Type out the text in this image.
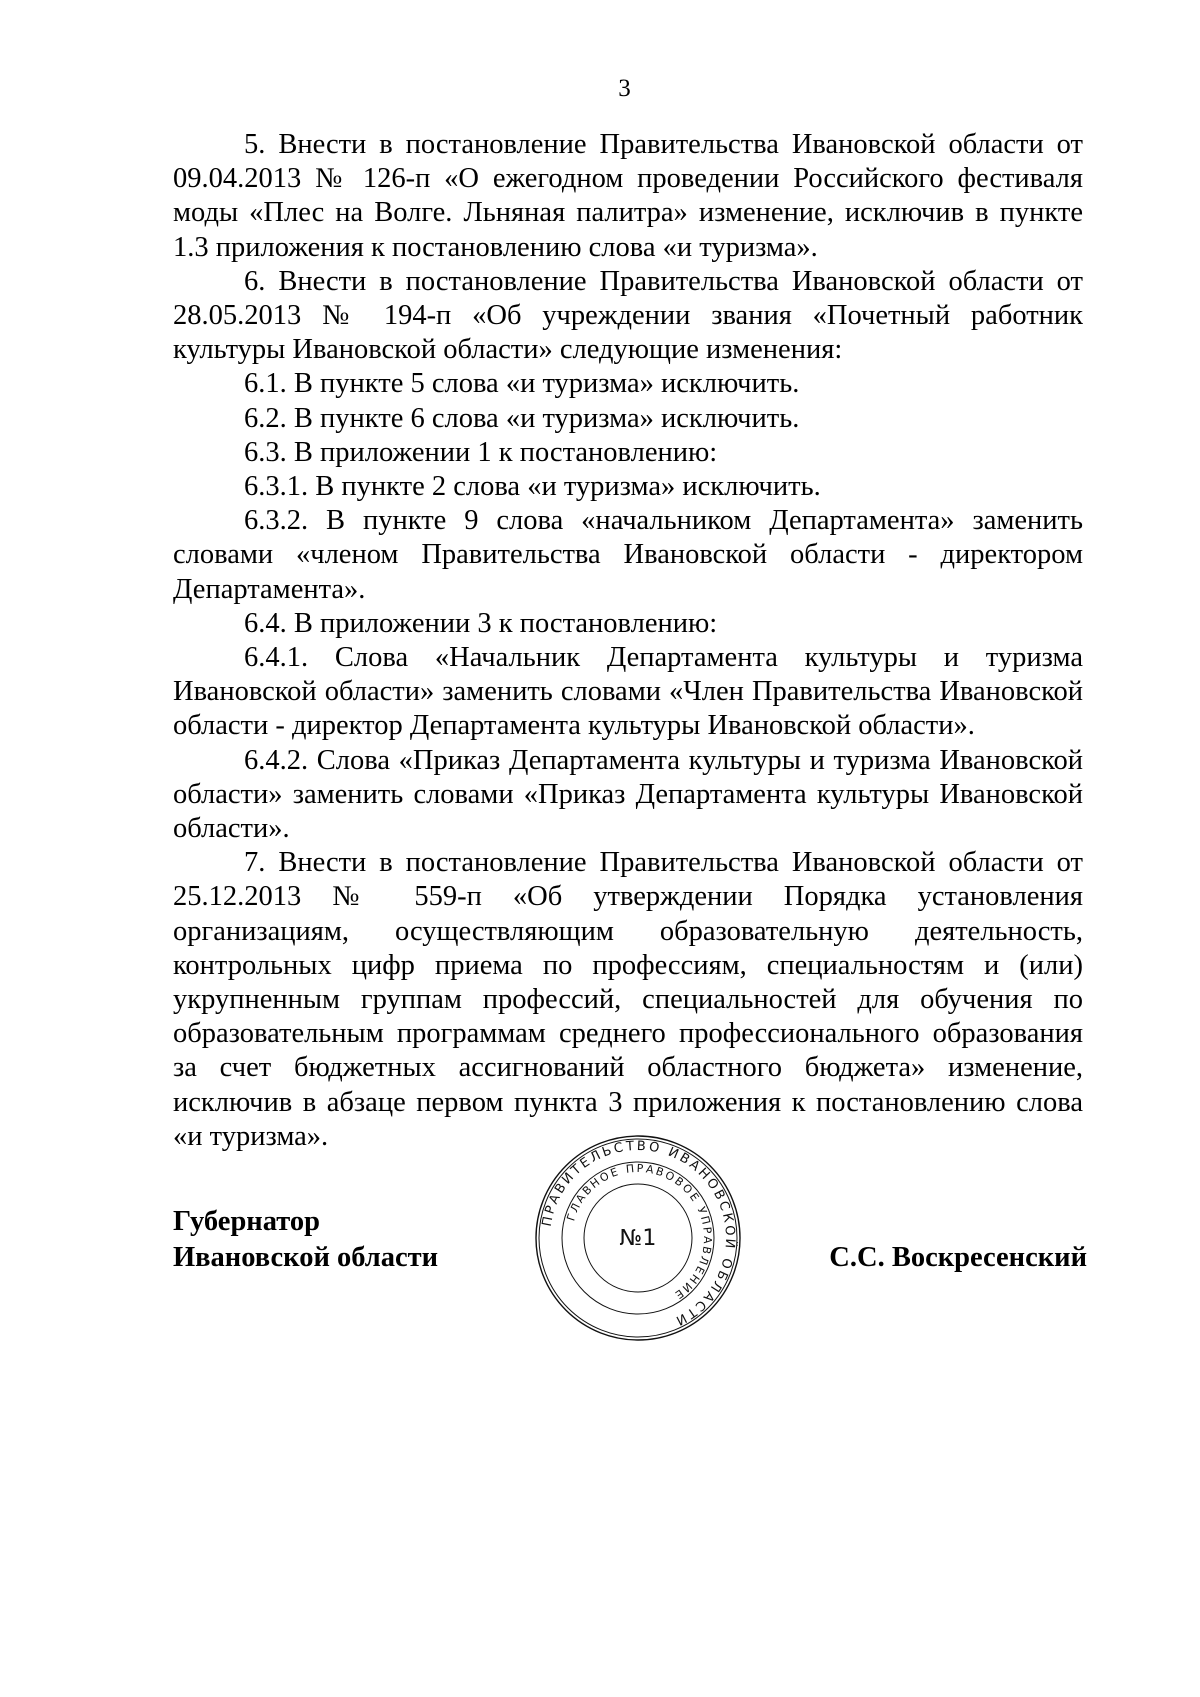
3

5. Внести в постановление Правительства Ивановской области от 09.04.2013 № 126-п «О ежегодном проведении Российского фестиваля моды «Плес на Волге. Льняная палитра» изменение, исключив в пункте 1.3 приложения к постановлению слова «и туризма».

6. Внести в постановление Правительства Ивановской области от 28.05.2013 № 194-п «Об учреждении звания «Почетный работник культуры Ивановской области» следующие изменения:

6.1. В пункте 5 слова «и туризма» исключить.

6.2. В пункте 6 слова «и туризма» исключить.

6.3. В приложении 1 к постановлению:

6.3.1. В пункте 2 слова «и туризма» исключить.

6.3.2. В пункте 9 слова «начальником Департамента» заменить словами «членом Правительства Ивановской области - директором Департамента».

6.4. В приложении 3 к постановлению:

6.4.1. Слова «Начальник Департамента культуры и туризма Ивановской области» заменить словами «Член Правительства Ивановской области - директор Департамента культуры Ивановской области».

6.4.2. Слова «Приказ Департамента культуры и туризма Ивановской области» заменить словами «Приказ Департамента культуры Ивановской области».

7. Внести в постановление Правительства Ивановской области от 25.12.2013 № 559-п «Об утверждении Порядка установления организациям, осуществляющим образовательную деятельность, контрольных цифр приема по профессиям, специальностям и (или) укрупненным группам профессий, специальностей для обучения по образовательным программам среднего профессионального образования за счет бюджетных ассигнований областного бюджета» изменение, исключив в абзаце первом пункта 3 приложения к постановлению слова «и туризма».

Губернатор
Ивановской области
ПРАВИТЕЛЬСТВО ИВАНОВСКОЙ ОБЛАСТИ
ГЛАВНОЕ ПРАВОВОЕ УПРАВЛЕНИЕ
№1
С.С. Воскресенский
